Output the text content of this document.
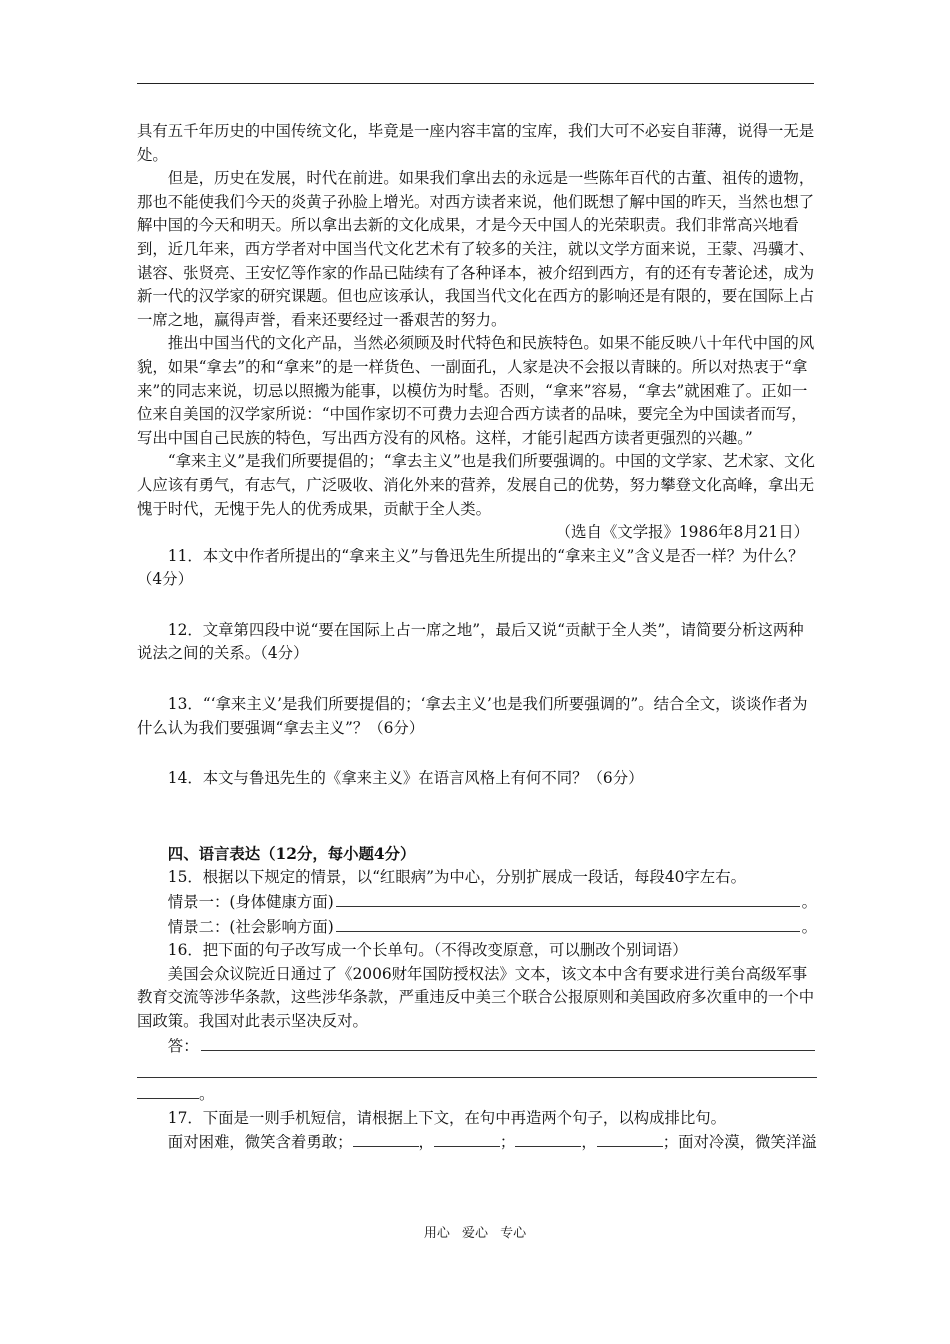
具有五千年历史的中国传统文化，毕竟是一座内容丰富的宝库，我们大可不必妄自菲薄，说得一无是处。

但是，历史在发展，时代在前进。如果我们拿出去的永远是一些陈年百代的古董、祖传的遗物，那也不能使我们今天的炎黄子孙脸上增光。对西方读者来说，他们既想了解中国的昨天，当然也想了解中国的今天和明天。所以拿出去新的文化成果，才是今天中国人的光荣职责。我们非常高兴地看到，近几年来，西方学者对中国当代文化艺术有了较多的关注，就以文学方面来说，王蒙、冯骥才、谌容、张贤亮、王安忆等作家的作品已陆续有了各种译本，被介绍到西方，有的还有专著论述，成为新一代的汉学家的研究课题。但也应该承认，我国当代文化在西方的影响还是有限的，要在国际上占一席之地，赢得声誉，看来还要经过一番艰苦的努力。

推出中国当代的文化产品，当然必须顾及时代特色和民族特色。如果不能反映八十年代中国的风貌，如果“拿去”的和“拿来”的是一样货色、一副面孔，人家是决不会报以青睐的。所以对热衷于“拿来”的同志来说，切忌以照搬为能事，以模仿为时髦。否则，“拿来”容易，“拿去”就困难了。正如一位来自美国的汉学家所说：“中国作家切不可费力去迎合西方读者的品味，要完全为中国读者而写，写出中国自己民族的特色，写出西方没有的风格。这样，才能引起西方读者更强烈的兴趣。”

“拿来主义”是我们所要提倡的；“拿去主义”也是我们所要强调的。中国的文学家、艺术家、文化人应该有勇气，有志气，广泛吸收、消化外来的营养，发展自己的优势，努力攀登文化高峰，拿出无愧于时代，无愧于先人的优秀成果，贡献于全人类。

（选自《文学报》1986年8月21日）

11．本文中作者所提出的“拿来主义”与鲁迅先生所提出的“拿来主义”含义是否一样？为什么？（4分）

12．文章第四段中说“要在国际上占一席之地”，最后又说“贡献于全人类”，请简要分析这两种说法之间的关系。（4分）

13．“‘拿来主义’是我们所要提倡的；‘拿去主义’也是我们所要强调的”。结合全文，谈谈作者为什么认为我们要强调“拿去主义”？（6分）

14．本文与鲁迅先生的《拿来主义》在语言风格上有何不同？（6分）

四、语言表达（12分，每小题4分）

15．根据以下规定的情景，以“红眼病”为中心，分别扩展成一段话，每段40字左右。

情景一：(身体健康方面)	。
情景二：(社会影响方面)	。

16．把下面的句子改写成一个长单句。（不得改变原意，可以删改个别词语）

美国会众议院近日通过了《2006财年国防授权法》文本，该文本中含有要求进行美台高级军事教育交流等涉华条款，这些涉华条款，严重违反中美三个联合公报原则和美国政府多次重申的一个中国政策。我国对此表示坚决反对。

答：
。

17．下面是一则手机短信，请根据上下文，在句中再造两个句子，以构成排比句。

面对困难，微笑含着勇敢；	，	；	，	；面对冷漠，微笑洋溢

用心 爱心 专心
